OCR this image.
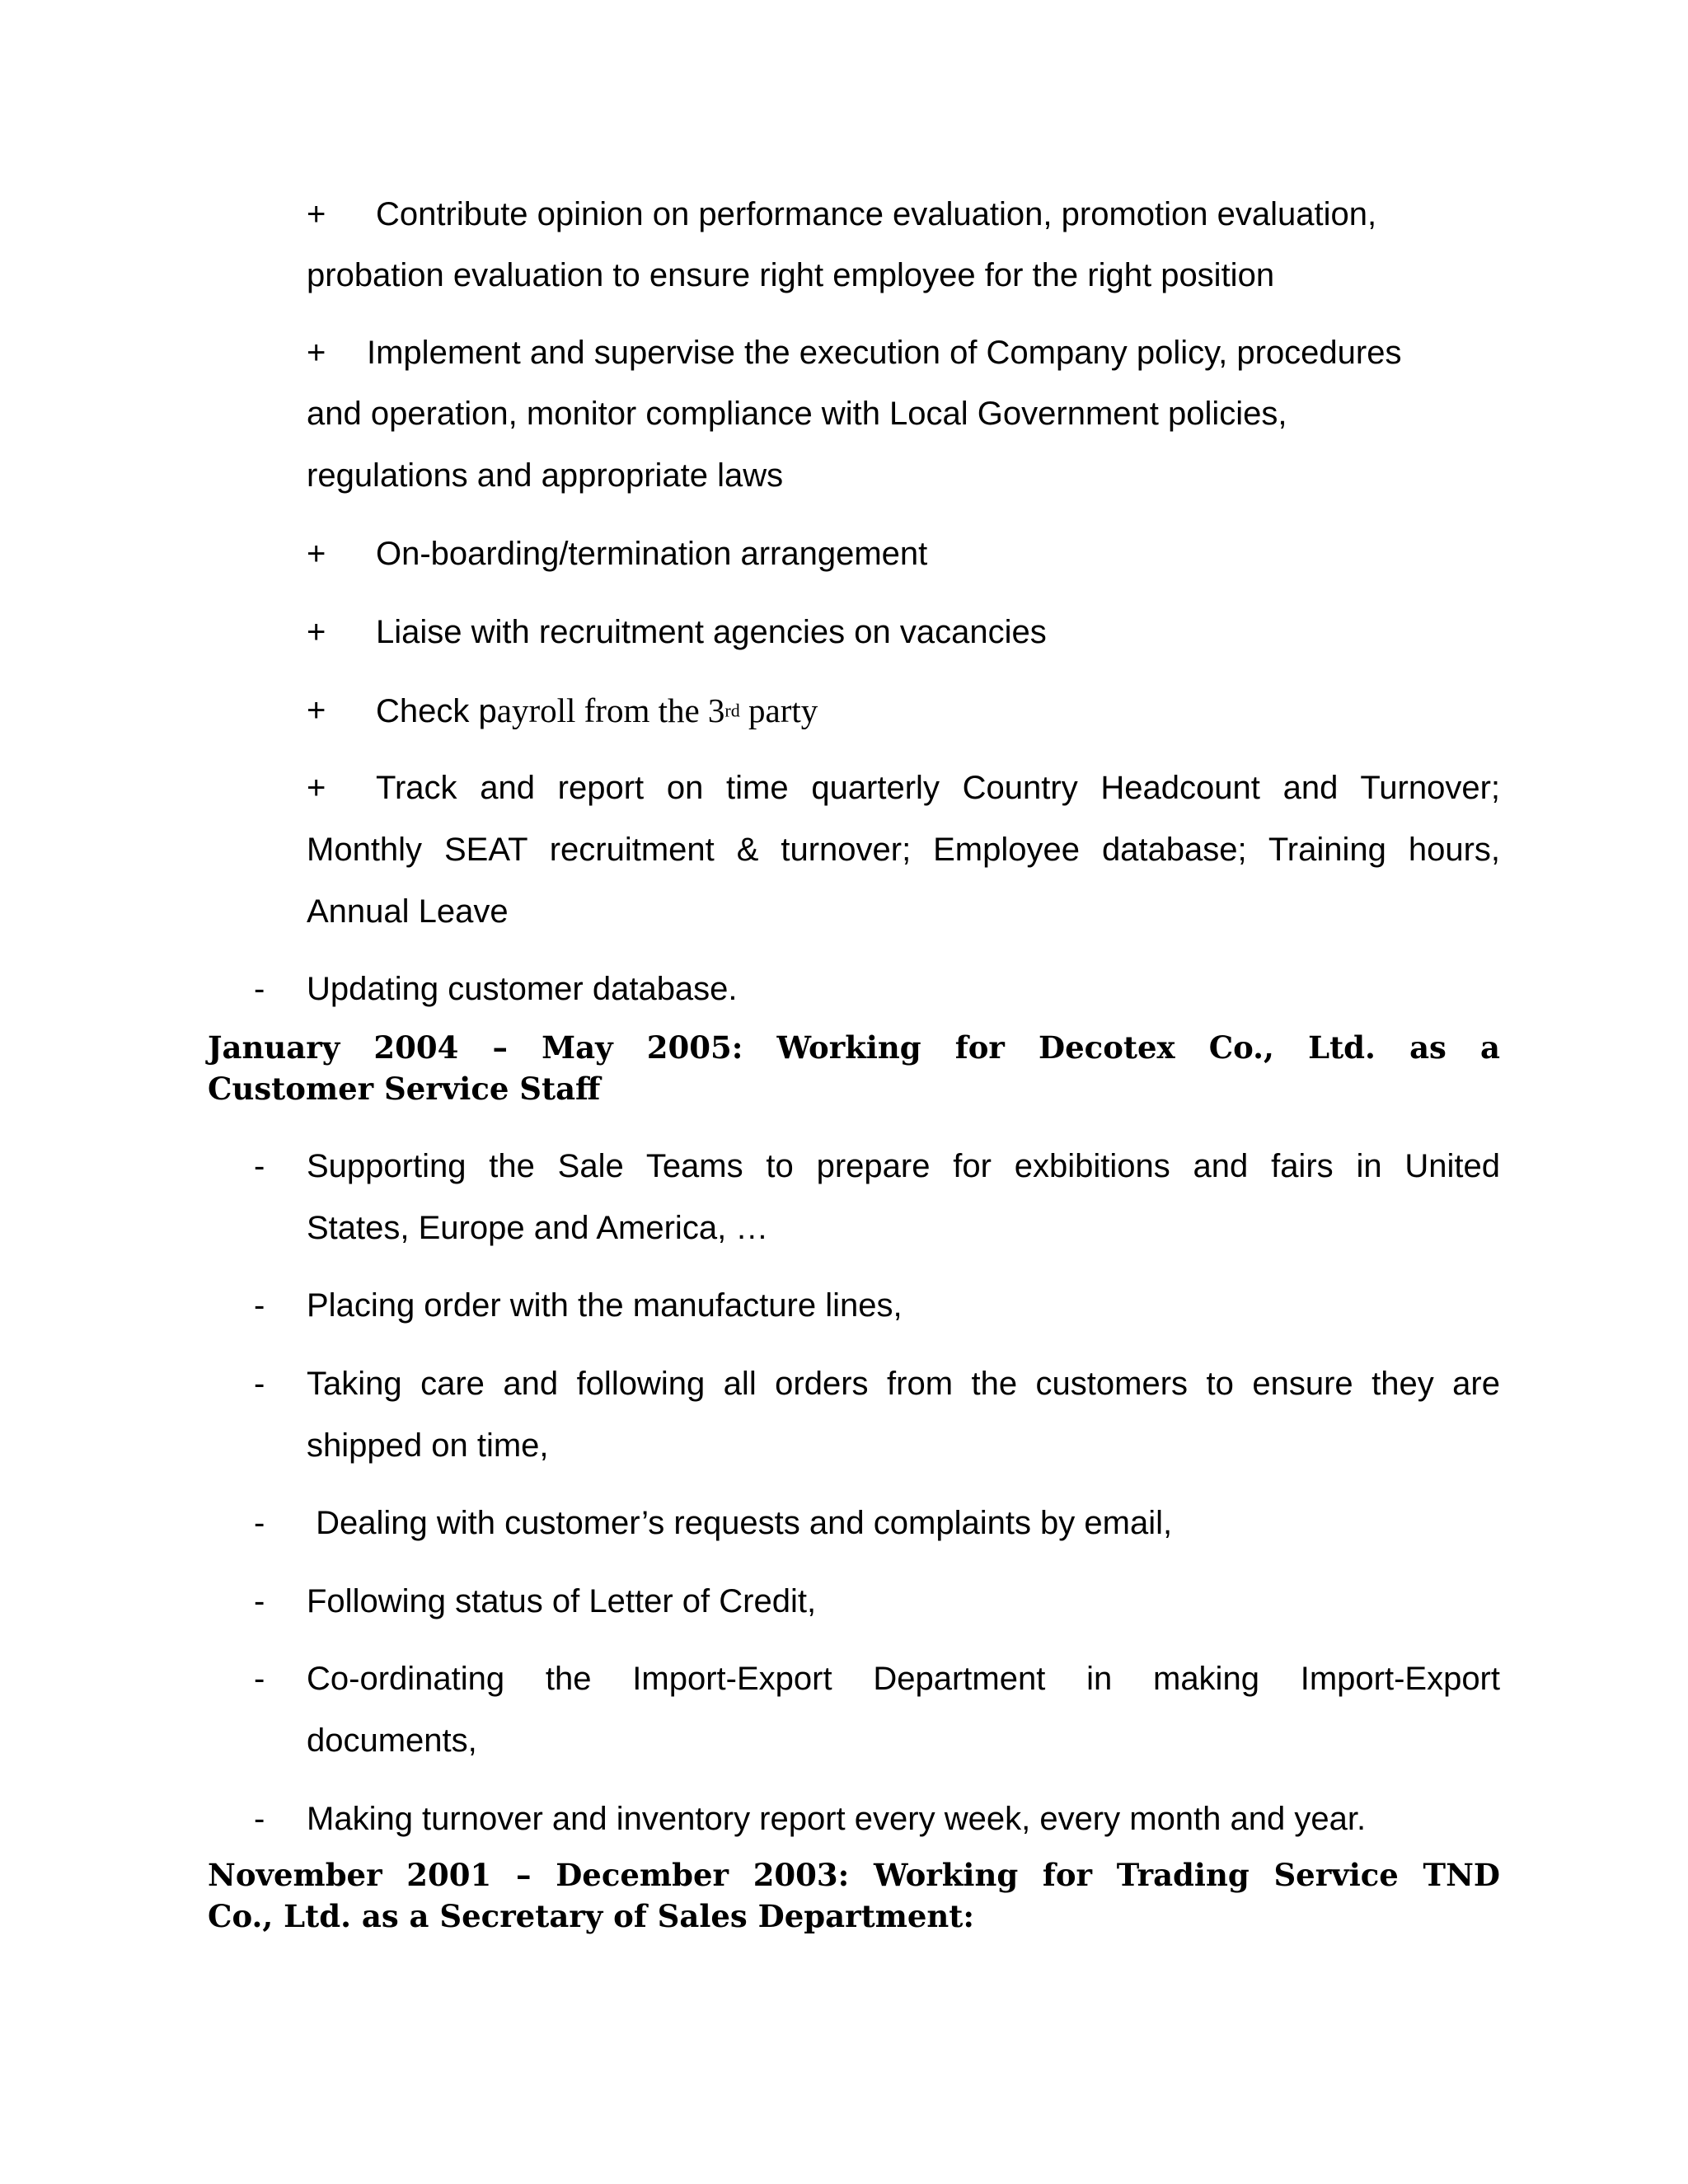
+ Contribute opinion on performance evaluation, promotion evaluation,
probation evaluation to ensure right employee for the right position
+ Implement and supervise the execution of Company policy, procedures
and operation, monitor compliance with Local Government policies,
regulations and appropriate laws
+ On-boarding/termination arrangement
+ Liaise with recruitment agencies on vacancies
+ Check payroll from the 3rd party
+ Track and report on time quarterly Country Headcount and Turnover;
Monthly SEAT recruitment & turnover; Employee database; Training hours,
Annual Leave
- Updating customer database.
January 2004 – May 2005: Working for Decotex Co., Ltd. as a
Customer Service Staff
- Supporting the Sale Teams to prepare for exbibitions and fairs in United
States, Europe and America, …
- Placing order with the manufacture lines,
- Taking care and following all orders from the customers to ensure they are
shipped on time,
- Dealing with customer’s requests and complaints by email,
- Following status of Letter of Credit,
- Co-ordinating the Import-Export Department in making Import-Export
documents,
- Making turnover and inventory report every week, every month and year.
November 2001 – December 2003: Working for Trading Service TND
Co., Ltd. as a Secretary of Sales Department:
